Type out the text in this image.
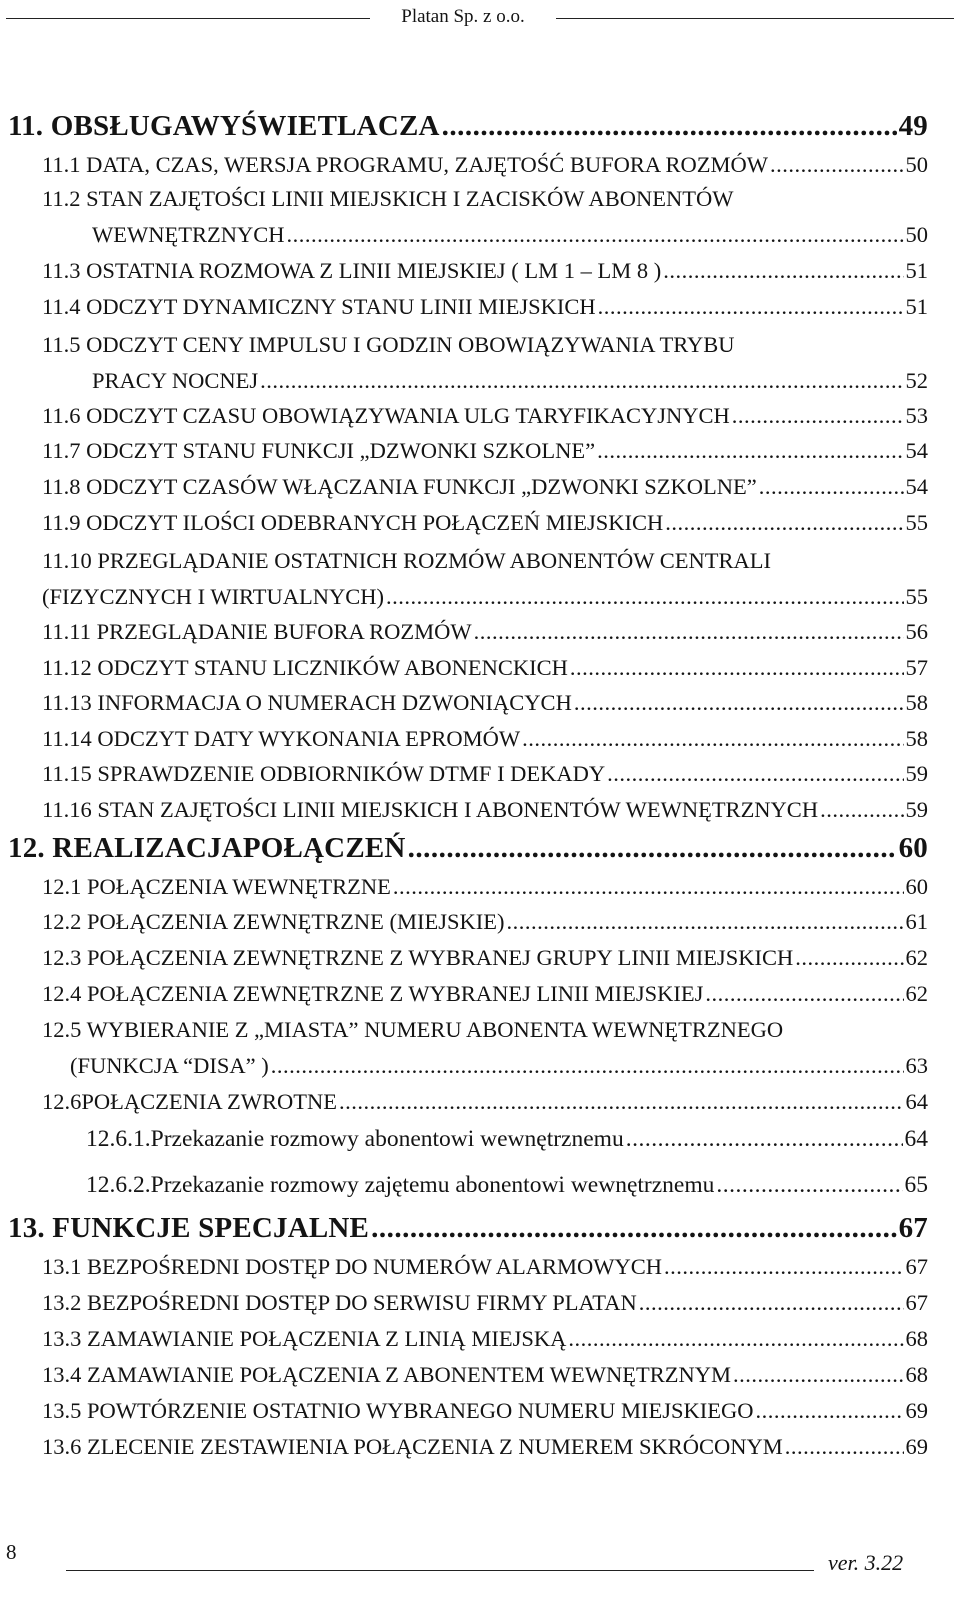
Platan Sp. z o.o.
11. OBSŁUGAWYŚWIETLACZA .....	49
11.1 DATA, CZAS, WERSJA PROGRAMU, ZAJĘTOŚĆ BUFORA ROZMÓW .....	50
11.2 STAN ZAJĘTOŚCI LINII MIEJSKICH I ZACISKÓW ABONENTÓW
WEWNĘTRZNYCH .....	50
11.3 OSTATNIA ROZMOWA Z LINII MIEJSKIEJ ( LM 1 – LM 8 ) .....	51
11.4 ODCZYT DYNAMICZNY STANU LINII MIEJSKICH .....	51
11.5 ODCZYT CENY IMPULSU I GODZIN OBOWIĄZYWANIA TRYBU
PRACY NOCNEJ .....	52
11.6 ODCZYT CZASU OBOWIĄZYWANIA ULG TARYFIKACYJNYCH .....	53
11.7 ODCZYT STANU FUNKCJI „DZWONKI SZKOLNE” .....	54
11.8 ODCZYT CZASÓW WŁĄCZANIA FUNKCJI „DZWONKI SZKOLNE” .....	54
11.9 ODCZYT ILOŚCI ODEBRANYCH POŁĄCZEŃ MIEJSKICH .....	55
11.10 PRZEGLĄDANIE OSTATNICH ROZMÓW ABONENTÓW CENTRALI
(FIZYCZNYCH I WIRTUALNYCH) .....	55
11.11 PRZEGLĄDANIE BUFORA ROZMÓW .....	56
11.12 ODCZYT STANU LICZNIKÓW ABONENCKICH .....	57
11.13 INFORMACJA O NUMERACH DZWONIĄCYCH .....	58
11.14 ODCZYT DATY WYKONANIA EPROMÓW .....	58
11.15 SPRAWDZENIE ODBIORNIKÓW DTMF I DEKADY .....	59
11.16 STAN ZAJĘTOŚCI LINII MIEJSKICH I ABONENTÓW WEWNĘTRZNYCH .....	59
12. REALIZACJAPOŁĄCZEŃ .....	60
12.1 POŁĄCZENIA WEWNĘTRZNE .....	60
12.2 POŁĄCZENIA ZEWNĘTRZNE (MIEJSKIE) .....	61
12.3 POŁĄCZENIA ZEWNĘTRZNE Z WYBRANEJ GRUPY LINII MIEJSKICH .....	62
12.4 POŁĄCZENIA ZEWNĘTRZNE Z WYBRANEJ LINII MIEJSKIEJ .....	62
12.5 WYBIERANIE Z „MIASTA” NUMERU ABONENTA WEWNĘTRZNEGO
(FUNKCJA “DISA” ) .....	63
12.6POŁĄCZENIA ZWROTNE .....	64
12.6.1.Przekazanie rozmowy abonentowi wewnętrznemu .....	64
12.6.2.Przekazanie rozmowy zajętemu abonentowi wewnętrznemu .....	65
13. FUNKCJE SPECJALNE .....	67
13.1 BEZPOŚREDNI DOSTĘP DO NUMERÓW ALARMOWYCH .....	67
13.2 BEZPOŚREDNI DOSTĘP DO SERWISU FIRMY PLATAN .....	67
13.3 ZAMAWIANIE POŁĄCZENIA Z LINIĄ MIEJSKĄ .....	68
13.4 ZAMAWIANIE POŁĄCZENIA Z ABONENTEM WEWNĘTRZNYM .....	68
13.5 POWTÓRZENIE OSTATNIO WYBRANEGO NUMERU MIEJSKIEGO .....	69
13.6 ZLECENIE ZESTAWIENIA POŁĄCZENIA Z NUMEREM SKRÓCONYM .....	69
8	ver. 3.22
